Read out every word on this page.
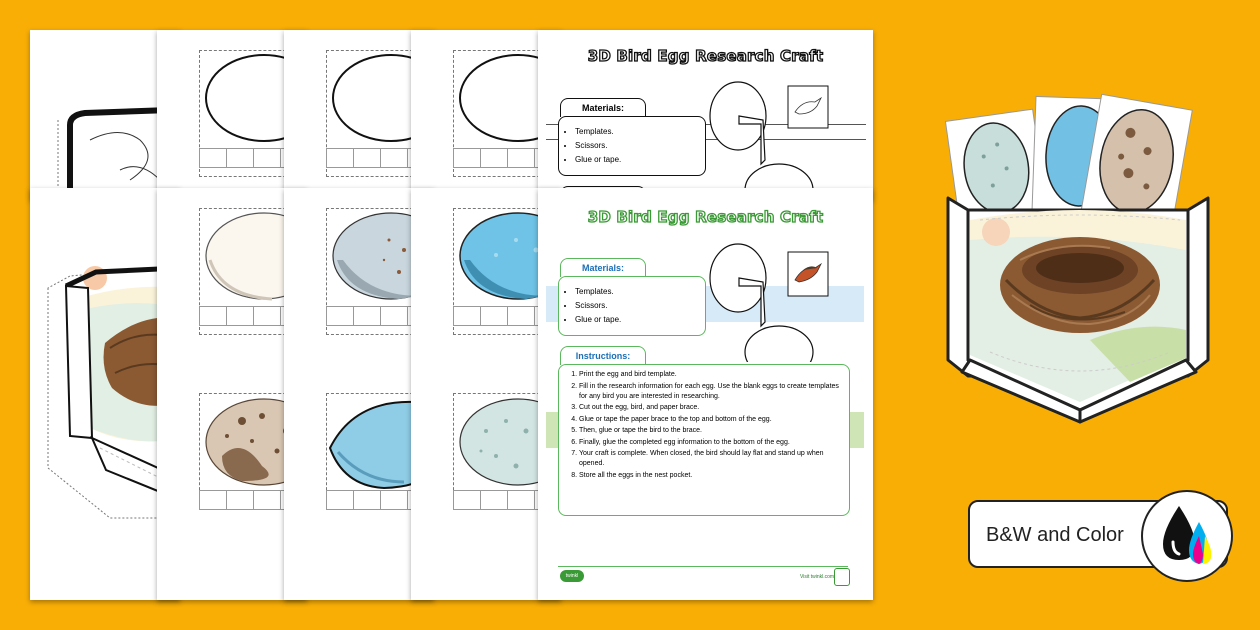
3D Bird Egg Research Craft
Materials:
• Templates.
• Scissors.
• Glue or tape.
3D Bird Egg Research Craft
Materials:
• Templates.
• Scissors.
• Glue or tape.
Instructions:
1. Print the egg and bird template.
2. Fill in the research information for each egg. Use the blank eggs to create templates for any bird you are interested in researching.
3. Cut out the egg, bird, and paper brace.
4. Glue or tape the paper brace to the top and bottom of the egg.
5. Then, glue or tape the bird to the brace.
6. Finally, glue the completed egg information to the bottom of the egg.
7. Your craft is complete. When closed, the bird should lay flat and stand up when opened.
8. Store all the eggs in the nest pocket.
twinkl	Visit twinkl.com
B&W and Color
